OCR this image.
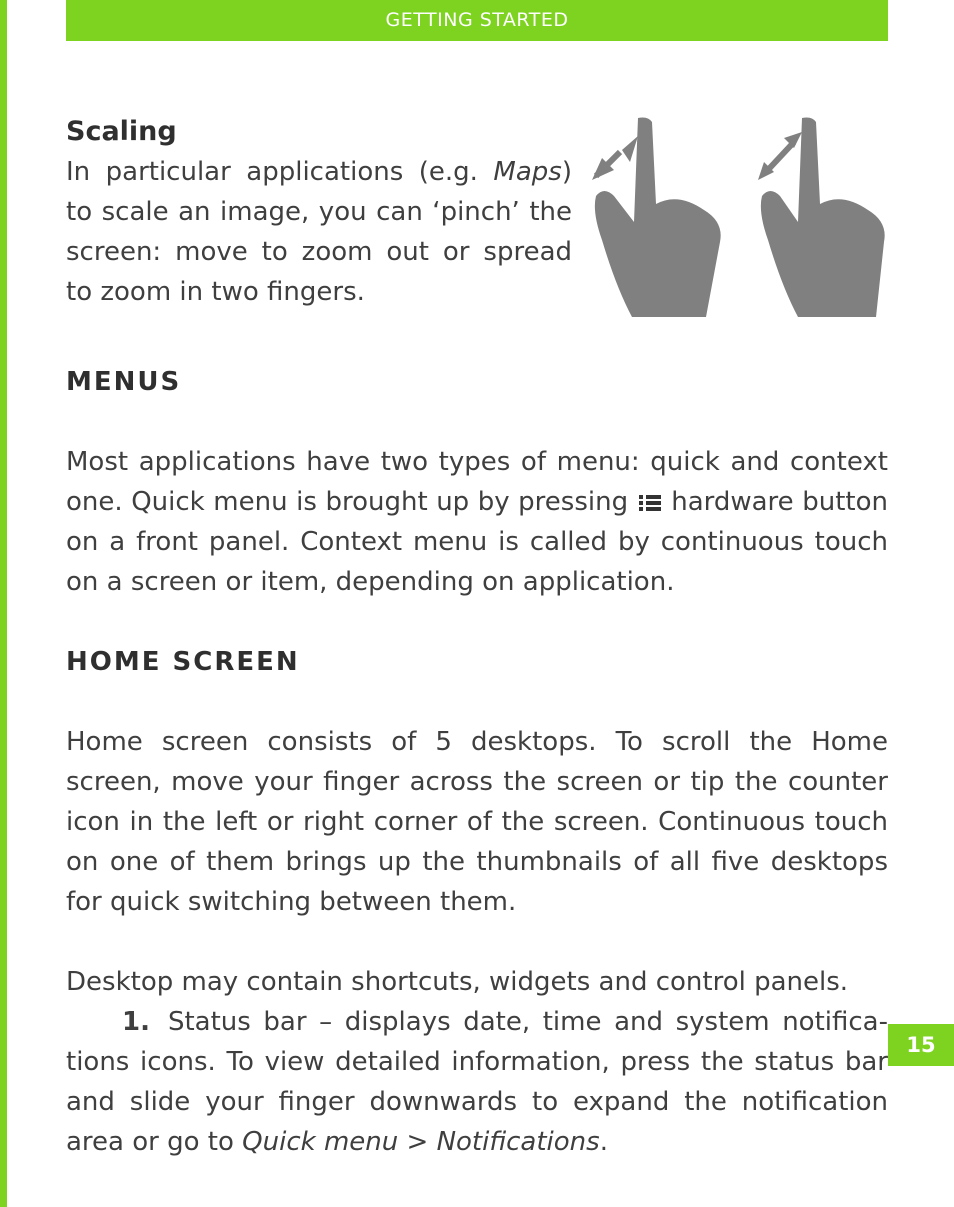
GETTING STARTED

Scaling

In particular applications (e.g. Maps) to scale an image, you can ‘pinch’ the screen: move to zoom out or spread to zoom in two fingers.

MENUS

Most applications have two types of menu: quick and context one. Quick menu is brought up by pressing  hardware button on a front panel. Context menu is called by continuous touch on a screen or item, depending on application.

HOME SCREEN

Home screen consists of 5 desktops. To scroll the Home screen, move your finger across the screen or tip the counter icon in the left or right corner of the screen. Continuous touch on one of them brings up the thumbnails of all five desktops for quick switching between them.

Desktop may contain shortcuts, widgets and control panels.

1. Status bar – displays date, time and system notifica-tions icons. To view detailed information, press the status bar and slide your finger downwards to expand the notification area or go to Quick menu > Notifications.

15
